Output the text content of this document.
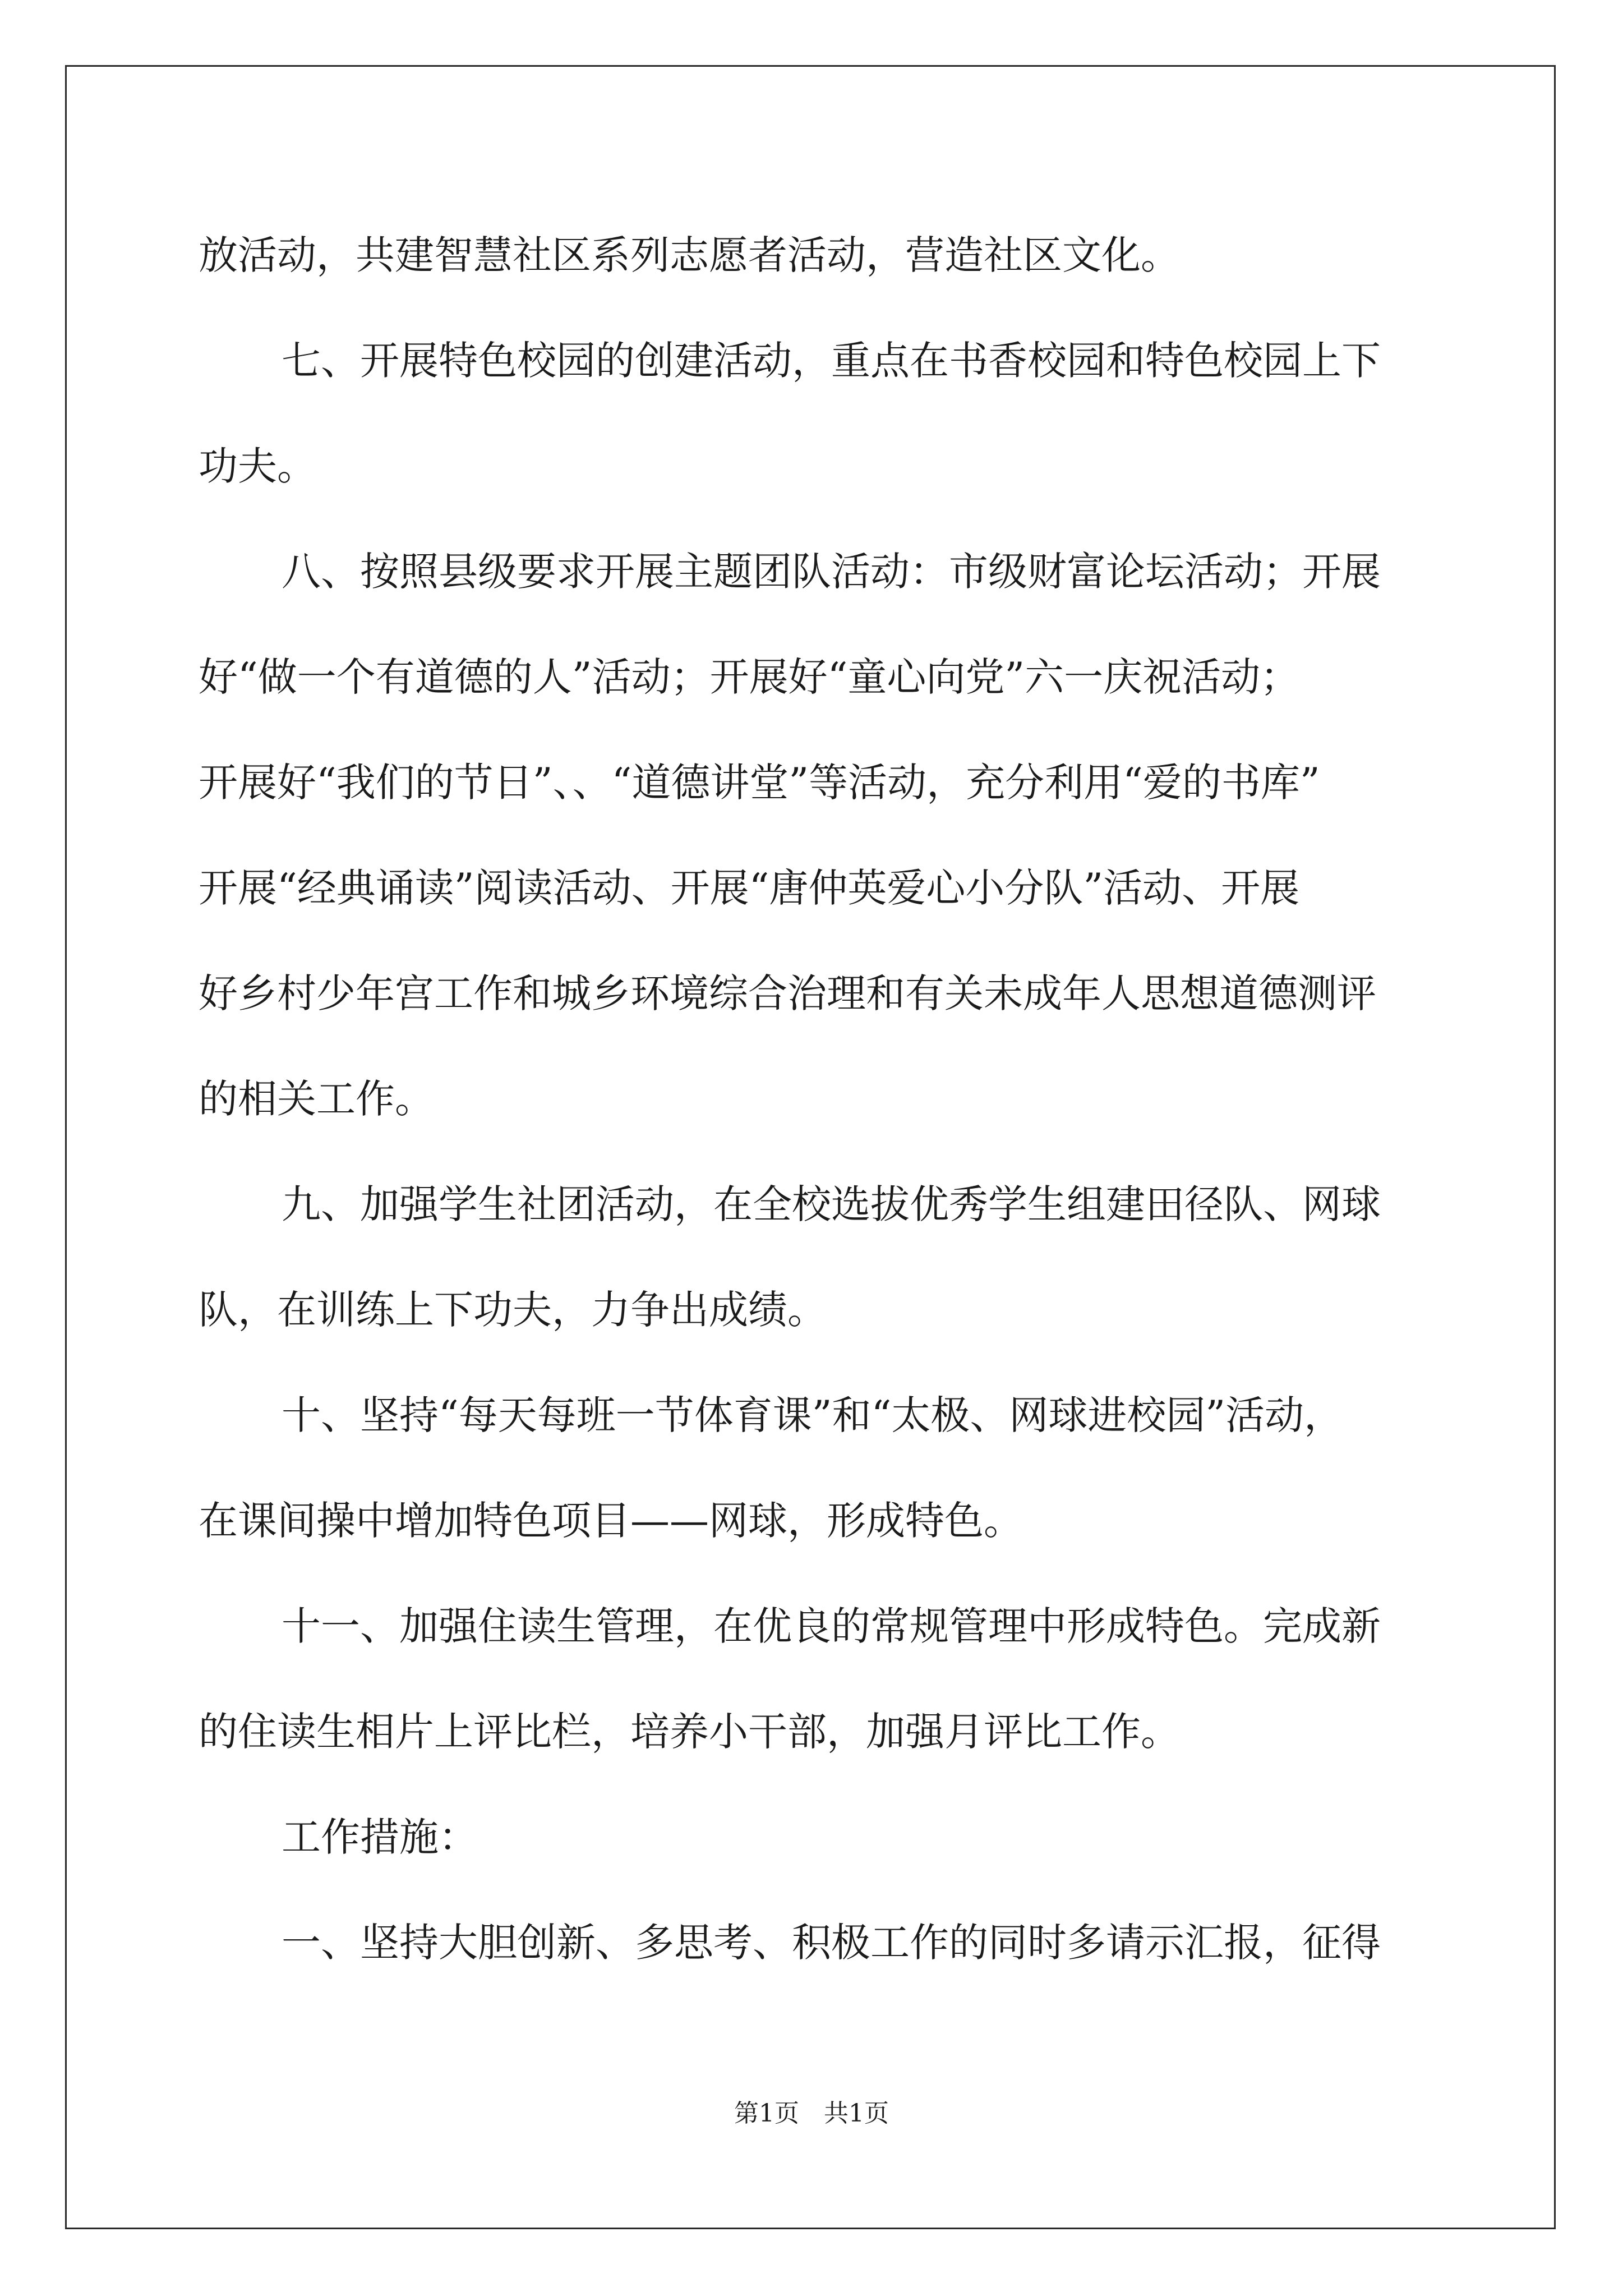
放活动，共建智慧社区系列志愿者活动，营造社区文化。
七、开展特色校园的创建活动，重点在书香校园和特色校园上下
功夫。
八、按照县级要求开展主题团队活动：市级财富论坛活动；开展
好“做一个有道德的人”活动；开展好“童心向党”六一庆祝活动；
开展好“我们的节日”、、“道德讲堂”等活动，充分利用“爱的书库”
开展“经典诵读”阅读活动、开展“唐仲英爱心小分队”活动、开展
好乡村少年宫工作和城乡环境综合治理和有关未成年人思想道德测评
的相关工作。
九、加强学生社团活动，在全校选拔优秀学生组建田径队、网球
队，在训练上下功夫，力争出成绩。
十、坚持“每天每班一节体育课”和“太极、网球进校园”活动，
在课间操中增加特色项目——网球，形成特色。
十一、加强住读生管理，在优良的常规管理中形成特色。完成新
的住读生相片上评比栏，培养小干部，加强月评比工作。
工作措施：
一、坚持大胆创新、多思考、积极工作的同时多请示汇报，征得
第1页　共1页
